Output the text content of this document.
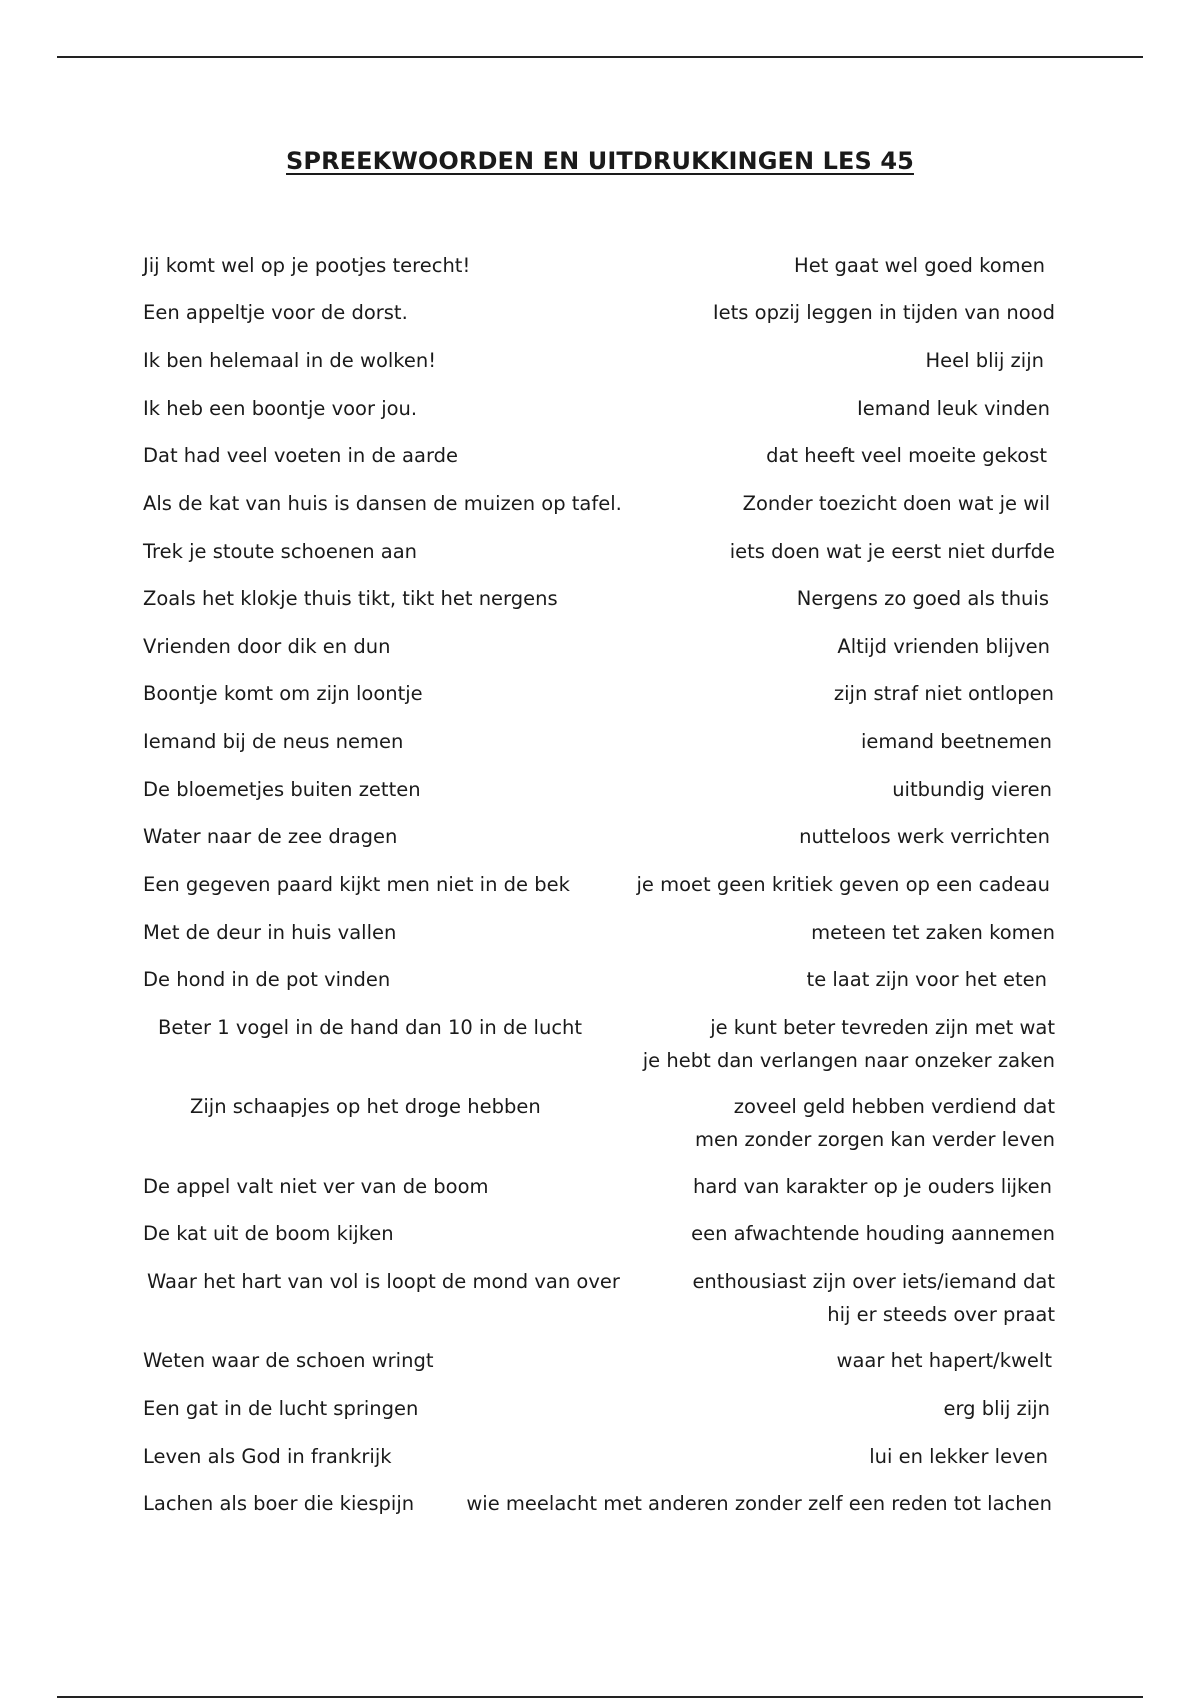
SPREEKWOORDEN EN UITDRUKKINGEN LES 45
Jij komt wel op je pootjes terecht!	Het gaat wel goed komen
Een appeltje voor de dorst.	Iets opzij leggen in tijden van nood
Ik ben helemaal in de wolken!	Heel blij zijn
Ik heb een boontje voor jou.	Iemand leuk vinden
Dat had veel voeten in de aarde	dat heeft veel moeite gekost
Als de kat van huis is dansen de muizen op tafel.	Zonder toezicht doen wat je wil
Trek je stoute schoenen aan	iets doen wat je eerst niet durfde
Zoals het klokje thuis tikt, tikt het nergens	Nergens zo goed als thuis
Vrienden door dik en dun	Altijd vrienden blijven
Boontje komt om zijn loontje	zijn straf niet ontlopen
Iemand bij de neus nemen	iemand beetnemen
De bloemetjes buiten zetten	uitbundig vieren
Water naar de zee dragen	nutteloos werk verrichten
Een gegeven paard kijkt men niet in de bek	je moet geen kritiek geven op een cadeau
Met de deur in huis vallen	meteen tet zaken komen
De hond in de pot vinden	te laat zijn voor het eten
Beter 1 vogel in de hand dan 10 in de lucht	je kunt beter tevreden zijn met wat
je hebt dan verlangen naar onzeker zaken
Zijn schaapjes op het droge hebben	zoveel geld hebben verdiend dat
men zonder zorgen kan verder leven
De appel valt niet ver van de boom	hard van karakter op je ouders lijken
De kat uit de boom kijken	een afwachtende houding aannemen
Waar het hart van vol is loopt de mond van over	enthousiast zijn over iets/iemand dat
hij er steeds over praat
Weten waar de schoen wringt	waar het hapert/kwelt
Een gat in de lucht springen	erg blij zijn
Leven als God in frankrijk	lui en lekker leven
Lachen als boer die kiespijn	wie meelacht met anderen zonder zelf een reden tot lachen
